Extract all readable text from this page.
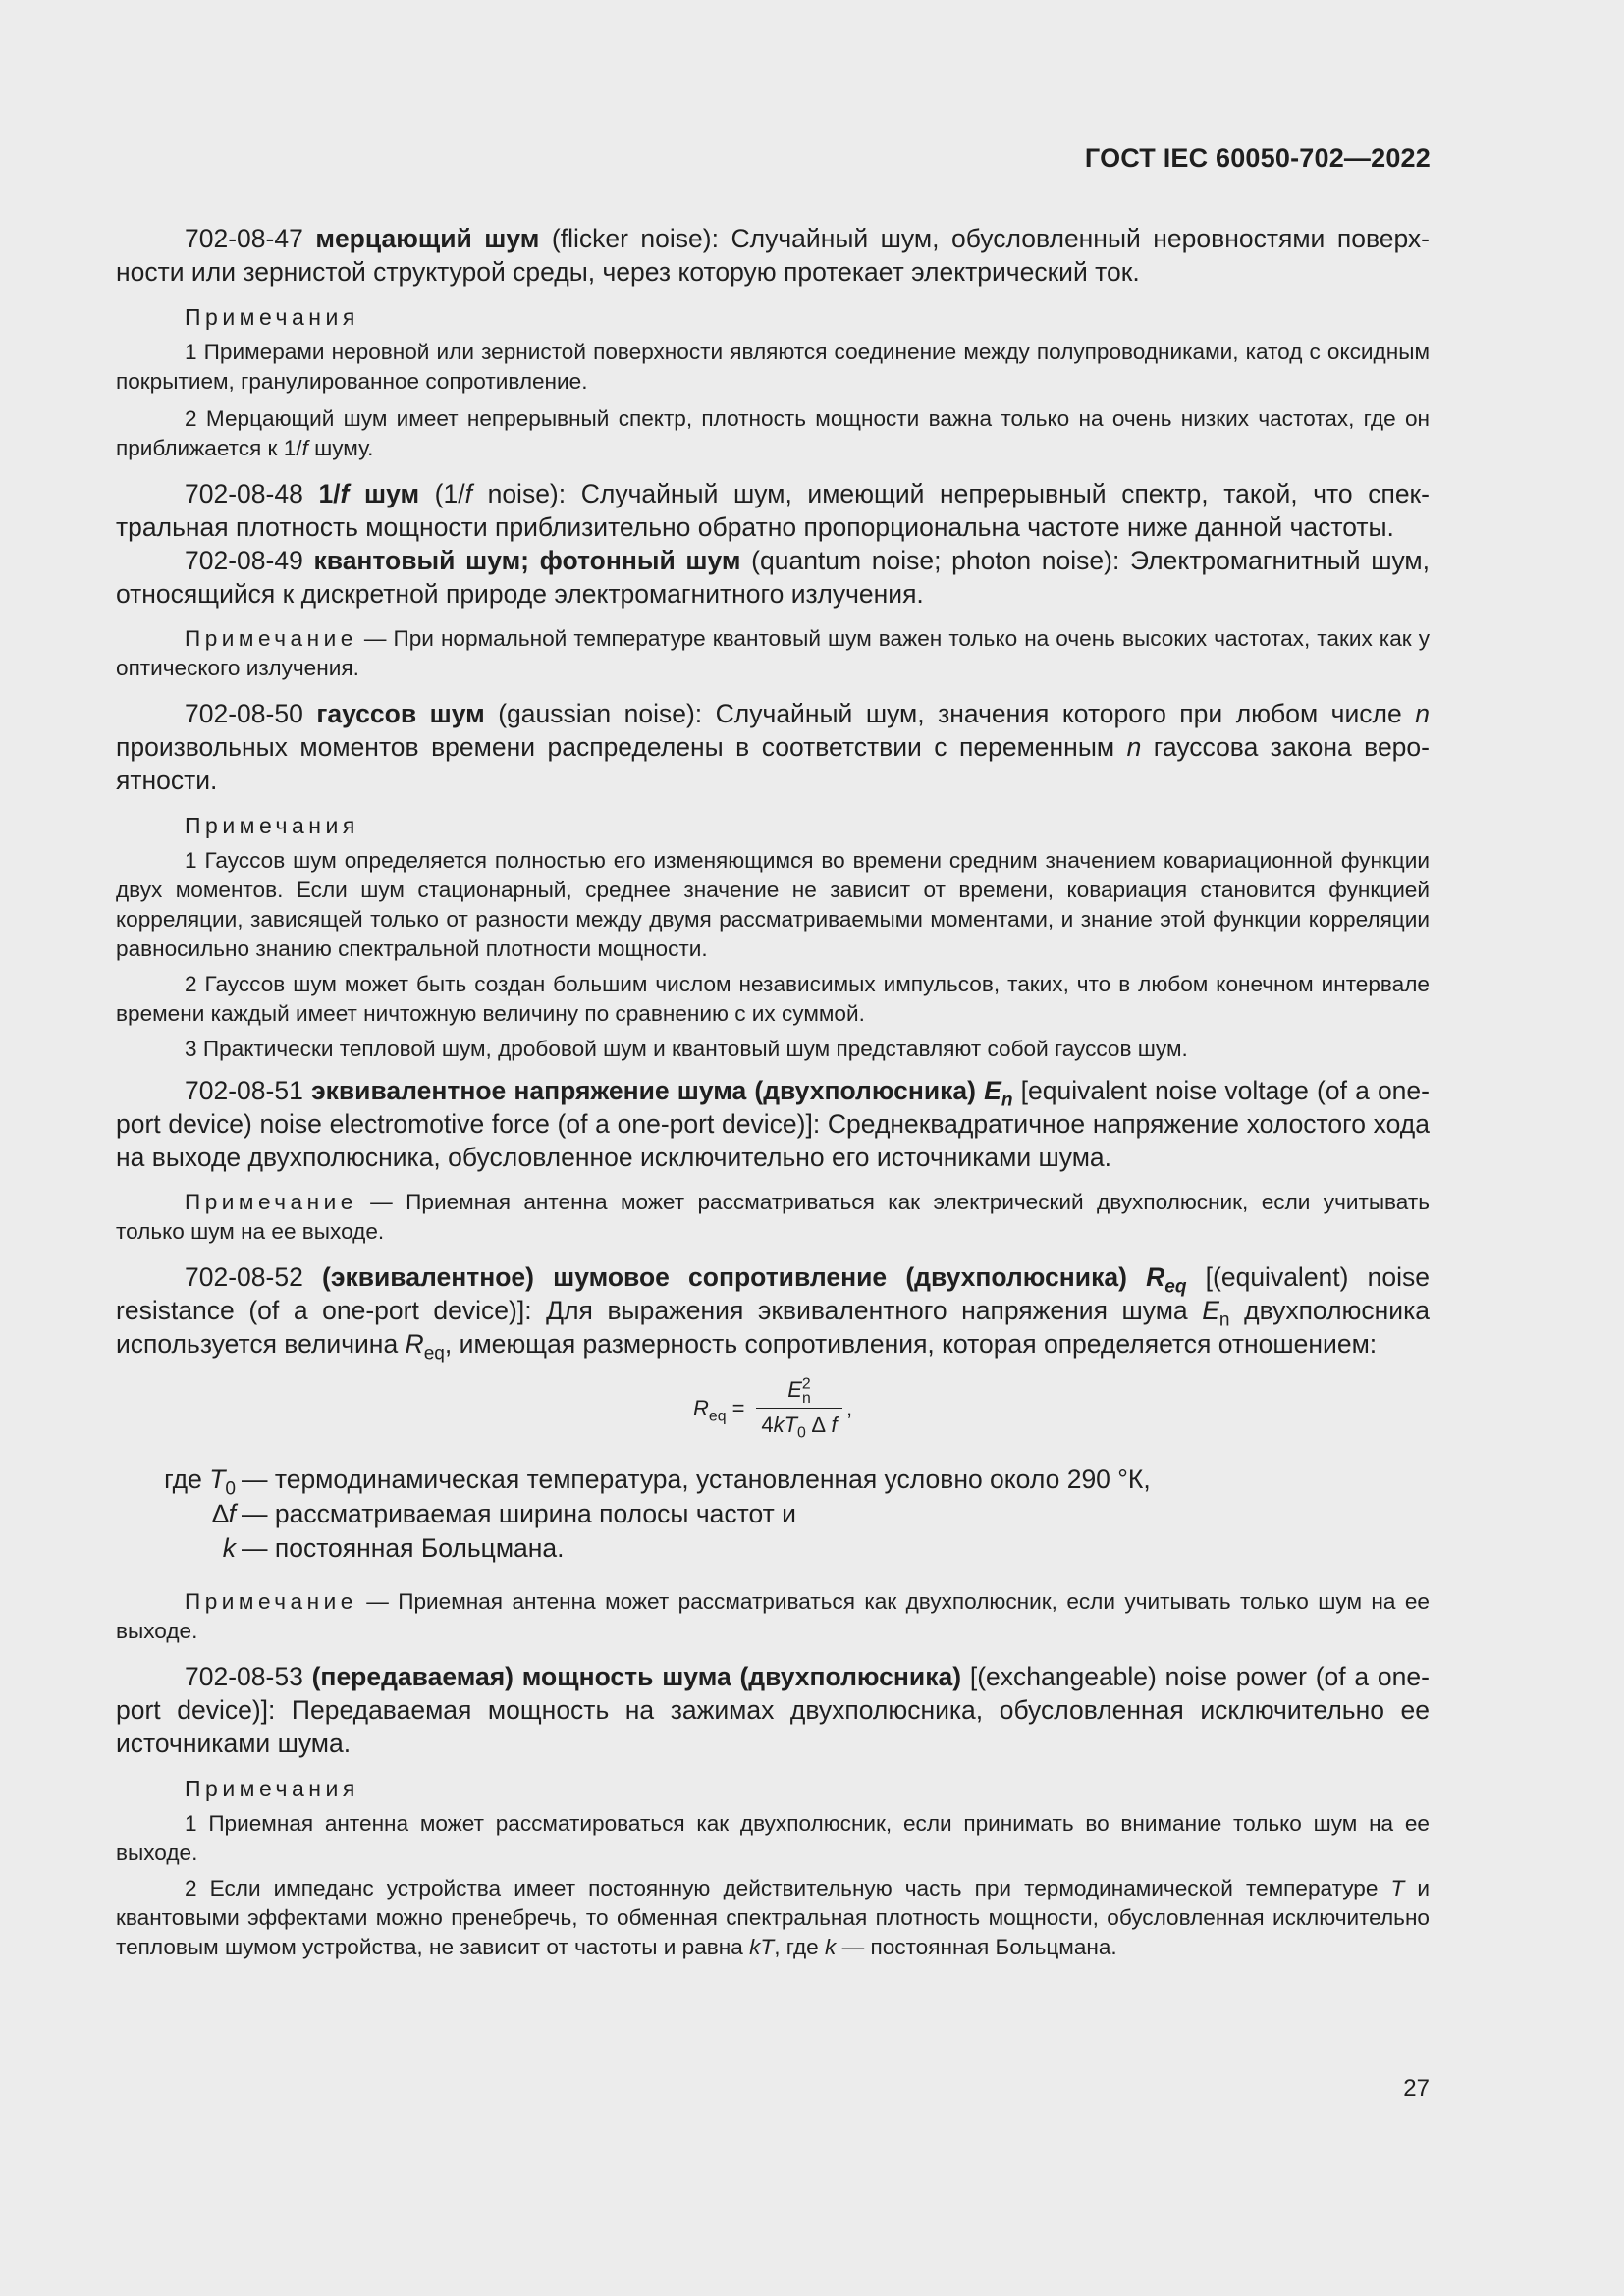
ГОСТ IEC 60050-702—2022

702-08-47 мерцающий шум (flicker noise): Случайный шум, обусловленный неровностями поверхности или зернистой структурой среды, через которую протекает электрический ток.

Примечания

1 Примерами неровной или зернистой поверхности являются соединение между полупроводниками, катод с оксидным покрытием, гранулированное сопротивление.

2 Мерцающий шум имеет непрерывный спектр, плотность мощности важна только на очень низких частотах, где он приближается к 1/f шуму.

702-08-48 1/f шум (1/f noise): Случайный шум, имеющий непрерывный спектр, такой, что спектральная плотность мощности приблизительно обратно пропорциональна частоте ниже данной частоты.

702-08-49 квантовый шум; фотонный шум (quantum noise; photon noise): Электромагнитный шум, относящийся к дискретной природе электромагнитного излучения.

Примечание — При нормальной температуре квантовый шум важен только на очень высоких частотах, таких как у оптического излучения.

702-08-50 гауссов шум (gaussian noise): Случайный шум, значения которого при любом числе n произвольных моментов времени распределены в соответствии с переменным n гауссова закона вероятности.

Примечания

1 Гауссов шум определяется полностью его изменяющимся во времени средним значением ковариационной функции двух моментов. Если шум стационарный, среднее значение не зависит от времени, ковариация становится функцией корреляции, зависящей только от разности между двумя рассматриваемыми моментами, и знание этой функции корреляции равносильно знанию спектральной плотности мощности.

2 Гауссов шум может быть создан большим числом независимых импульсов, таких, что в любом конечном интервале времени каждый имеет ничтожную величину по сравнению с их суммой.

3 Практически тепловой шум, дробовой шум и квантовый шум представляют собой гауссов шум.

702-08-51 эквивалентное напряжение шума (двухполюсника) $E_n$ [equivalent noise voltage (of a one-port device) noise electromotive force (of a one-port device)]: Среднеквадратичное напряжение холостого хода на выходе двухполюсника, обусловленное исключительно его источниками шума.

Примечание — Приемная антенна может рассматриваться как электрический двухполюсник, если учитывать только шум на ее выходе.

702-08-52 (эквивалентное) шумовое сопротивление (двухполюсника) $R_{eq}$ [(equivalent) noise resistance (of a one-port device)]: Для выражения эквивалентного напряжения шума $E_n$ двухполюсника используется величина $R_{eq}$, имеющая размерность сопротивления, которая определяется отношением:

$R_{eq}$ =
$E^2_n$
$4kT_0$ ∆ f
,
где $T_0$ — термодинамическая температура, установленная условно около 290 °К,
∆f — рассматриваемая ширина полосы частот и
k — постоянная Больцмана.

Примечание — Приемная антенна может рассматриваться как двухполюсник, если учитывать только шум на ее выходе.

702-08-53 (передаваемая) мощность шума (двухполюсника) [(exchangeable) noise power (of a one-port device)]: Передаваемая мощность на зажимах двухполюсника, обусловленная исключительно ее источниками шума.

Примечания

1 Приемная антенна может рассматироваться как двухполюсник, если принимать во внимание только шум на ее выходе.

2 Если импеданс устройства имеет постоянную действительную часть при термодинамической температуре T и квантовыми эффектами можно пренебречь, то обменная спектральная плотность мощности, обусловленная исключительно тепловым шумом устройства, не зависит от частоты и равна kT, где k — постоянная Больцмана.

27
